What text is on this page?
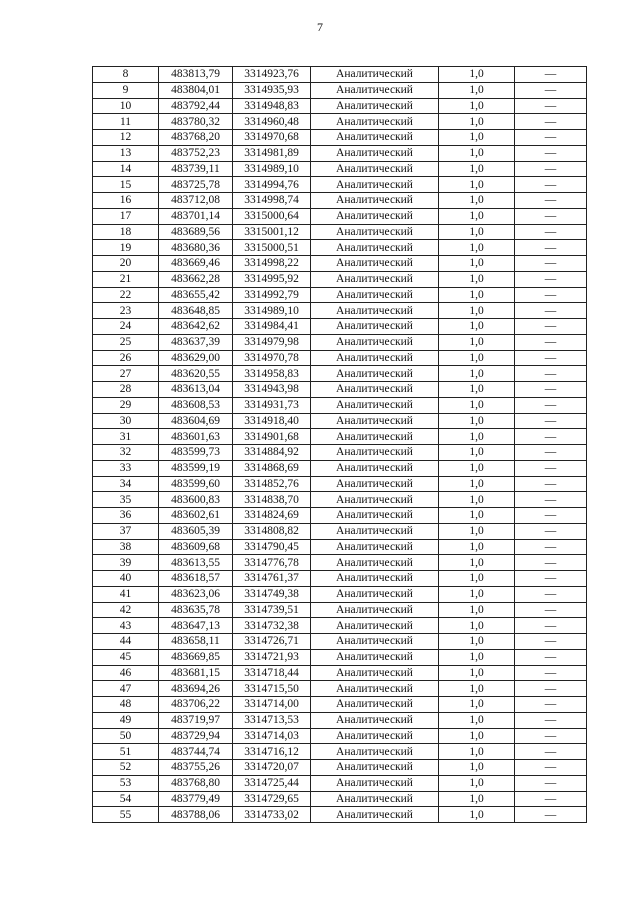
7
8	483813,79	3314923,76	Аналитический	1,0	—
9	483804,01	3314935,93	Аналитический	1,0	—
10	483792,44	3314948,83	Аналитический	1,0	—
11	483780,32	3314960,48	Аналитический	1,0	—
12	483768,20	3314970,68	Аналитический	1,0	—
13	483752,23	3314981,89	Аналитический	1,0	—
14	483739,11	3314989,10	Аналитический	1,0	—
15	483725,78	3314994,76	Аналитический	1,0	—
16	483712,08	3314998,74	Аналитический	1,0	—
17	483701,14	3315000,64	Аналитический	1,0	—
18	483689,56	3315001,12	Аналитический	1,0	—
19	483680,36	3315000,51	Аналитический	1,0	—
20	483669,46	3314998,22	Аналитический	1,0	—
21	483662,28	3314995,92	Аналитический	1,0	—
22	483655,42	3314992,79	Аналитический	1,0	—
23	483648,85	3314989,10	Аналитический	1,0	—
24	483642,62	3314984,41	Аналитический	1,0	—
25	483637,39	3314979,98	Аналитический	1,0	—
26	483629,00	3314970,78	Аналитический	1,0	—
27	483620,55	3314958,83	Аналитический	1,0	—
28	483613,04	3314943,98	Аналитический	1,0	—
29	483608,53	3314931,73	Аналитический	1,0	—
30	483604,69	3314918,40	Аналитический	1,0	—
31	483601,63	3314901,68	Аналитический	1,0	—
32	483599,73	3314884,92	Аналитический	1,0	—
33	483599,19	3314868,69	Аналитический	1,0	—
34	483599,60	3314852,76	Аналитический	1,0	—
35	483600,83	3314838,70	Аналитический	1,0	—
36	483602,61	3314824,69	Аналитический	1,0	—
37	483605,39	3314808,82	Аналитический	1,0	—
38	483609,68	3314790,45	Аналитический	1,0	—
39	483613,55	3314776,78	Аналитический	1,0	—
40	483618,57	3314761,37	Аналитический	1,0	—
41	483623,06	3314749,38	Аналитический	1,0	—
42	483635,78	3314739,51	Аналитический	1,0	—
43	483647,13	3314732,38	Аналитический	1,0	—
44	483658,11	3314726,71	Аналитический	1,0	—
45	483669,85	3314721,93	Аналитический	1,0	—
46	483681,15	3314718,44	Аналитический	1,0	—
47	483694,26	3314715,50	Аналитический	1,0	—
48	483706,22	3314714,00	Аналитический	1,0	—
49	483719,97	3314713,53	Аналитический	1,0	—
50	483729,94	3314714,03	Аналитический	1,0	—
51	483744,74	3314716,12	Аналитический	1,0	—
52	483755,26	3314720,07	Аналитический	1,0	—
53	483768,80	3314725,44	Аналитический	1,0	—
54	483779,49	3314729,65	Аналитический	1,0	—
55	483788,06	3314733,02	Аналитический	1,0	—
